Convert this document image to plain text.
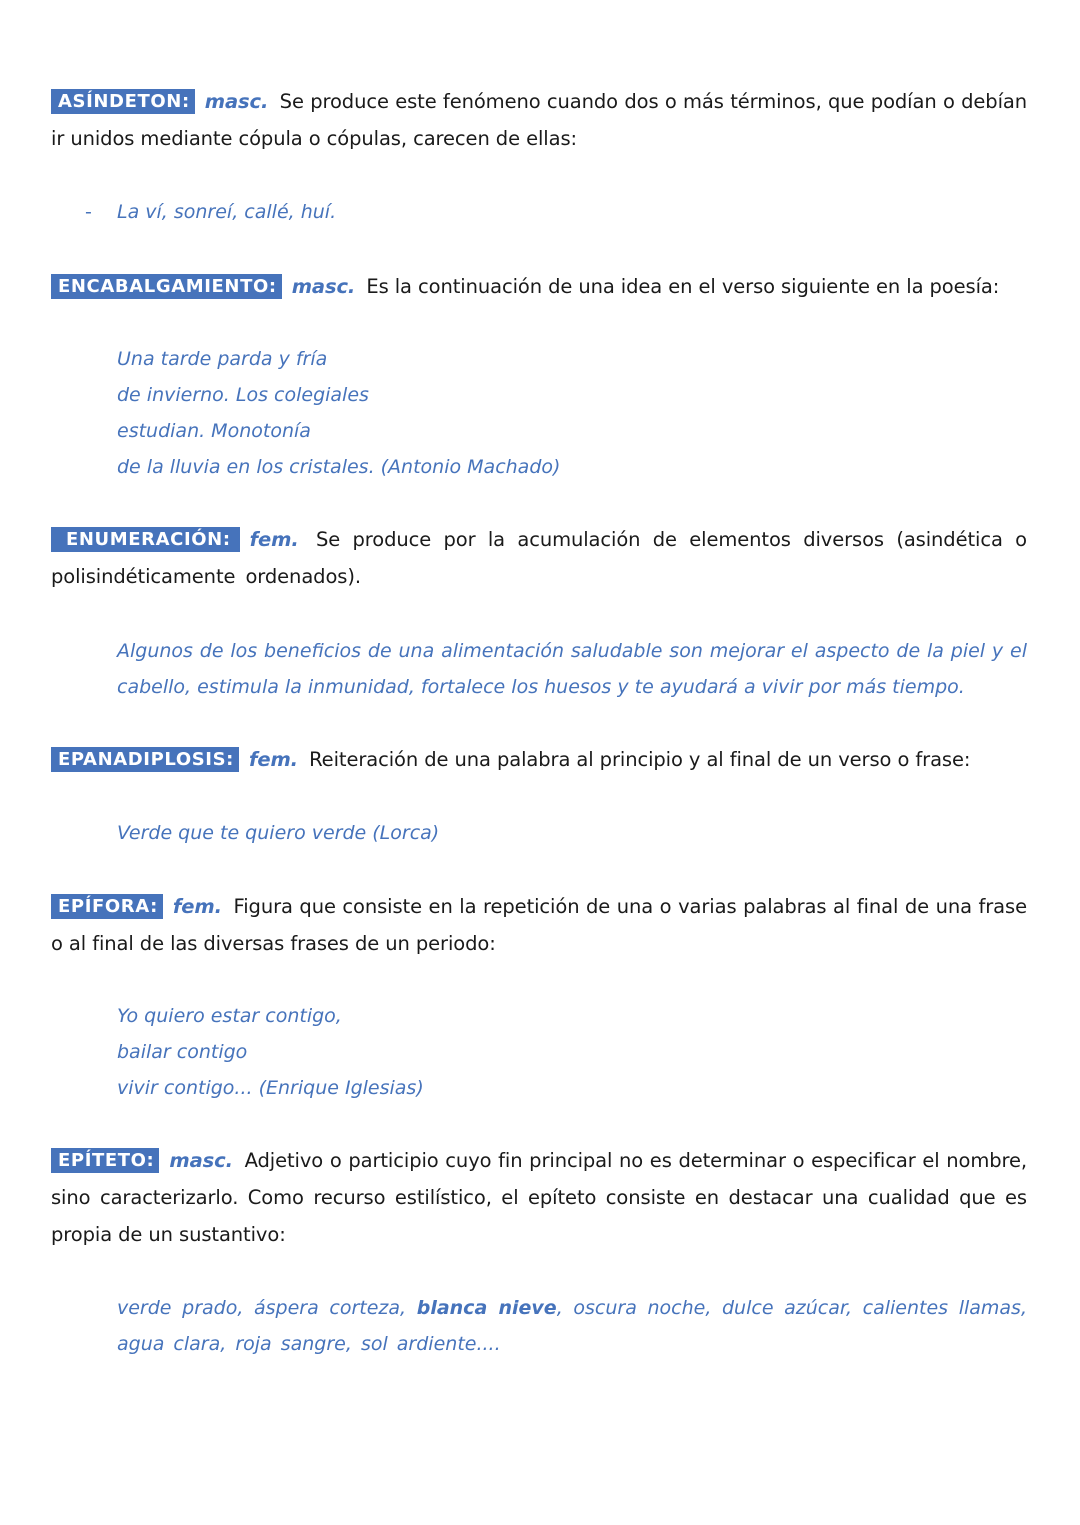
ASÍNDETON: masc. Se produce este fenómeno cuando dos o más términos, que podían o debían ir unidos mediante cópula o cópulas, carecen de ellas:

- La ví, sonreí, callé, huí.

ENCABALGAMIENTO: masc. Es la continuación de una idea en el verso siguiente en la poesía:

Una tarde parda y fría

de invierno. Los colegiales

estudian. Monotonía

de la lluvia en los cristales. (Antonio Machado)

ENUMERACIÓN: fem. Se produce por la acumulación de elementos diversos (asindética o polisindéticamente ordenados).

Algunos de los beneficios de una alimentación saludable son mejorar el aspecto de la piel y el cabello, estimula la inmunidad, fortalece los huesos y te ayudará a vivir por más tiempo.

EPANADIPLOSIS: fem. Reiteración de una palabra al principio y al final de un verso o frase:

Verde que te quiero verde (Lorca)

EPÍFORA: fem. Figura que consiste en la repetición de una o varias palabras al final de una frase o al final de las diversas frases de un periodo:

Yo quiero estar contigo,

bailar contigo

vivir contigo... (Enrique Iglesias)

EPÍTETO: masc. Adjetivo o participio cuyo fin principal no es determinar o especificar el nombre, sino caracterizarlo. Como recurso estilístico, el epíteto consiste en destacar una cualidad que es propia de un sustantivo:

verde prado, áspera corteza, blanca nieve, oscura noche, dulce azúcar, calientes llamas, agua clara, roja sangre, sol ardiente....
